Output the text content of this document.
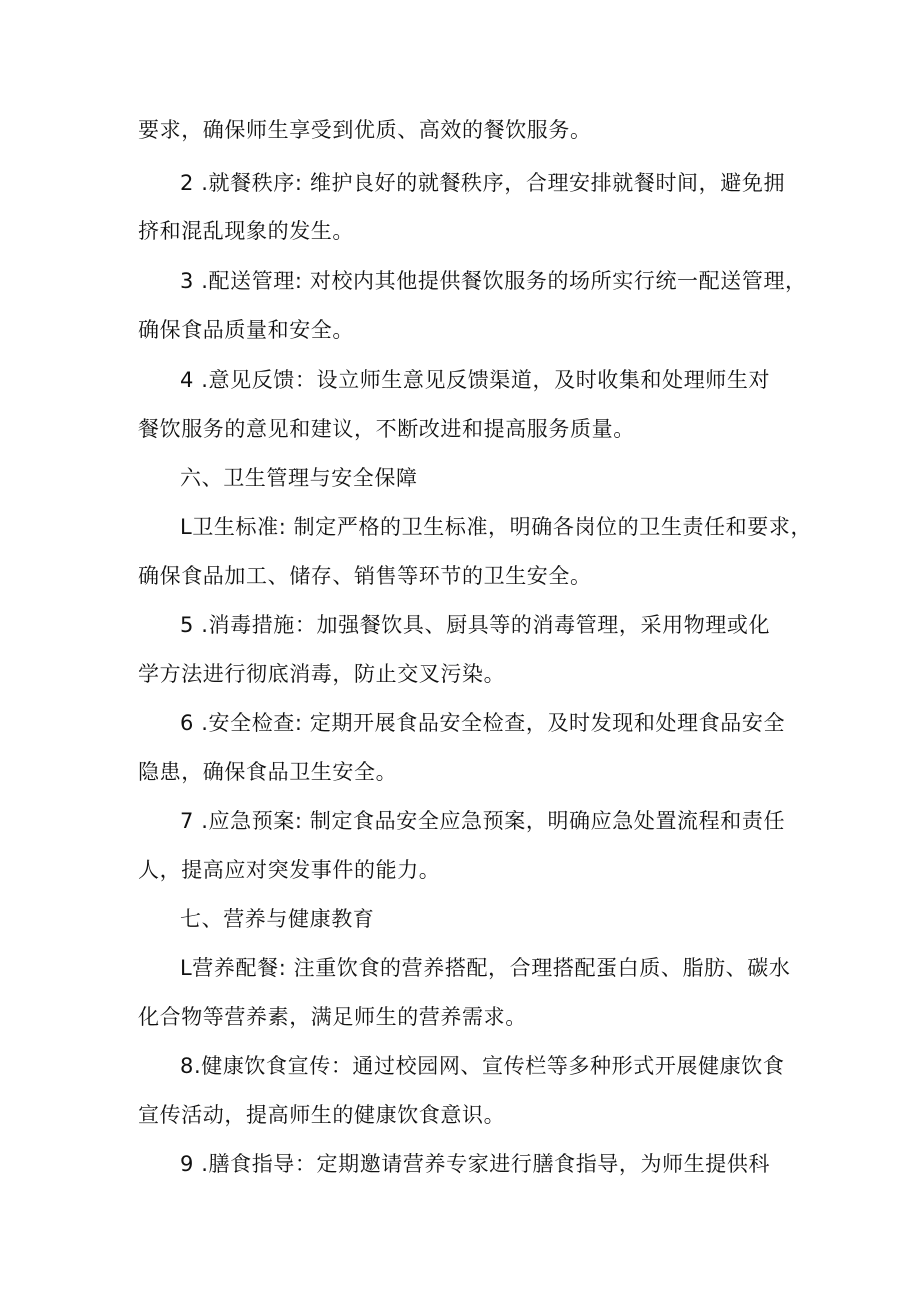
要求，确保师生享受到优质、高效的餐饮服务。
2 .就餐秩序: 维护良好的就餐秩序，合理安排就餐时间，避免拥
挤和混乱现象的发生。
3 .配送管理: 对校内其他提供餐饮服务的场所实行统一配送管理，
确保食品质量和安全。
4 .意见反馈：设立师生意见反馈渠道，及时收集和处理师生对
餐饮服务的意见和建议，不断改进和提高服务质量。
六、卫生管理与安全保障
L卫生标准: 制定严格的卫生标准，明确各岗位的卫生责任和要求，
确保食品加工、储存、销售等环节的卫生安全。
5 .消毒措施：加强餐饮具、厨具等的消毒管理，采用物理或化
学方法进行彻底消毒，防止交叉污染。
6 .安全检查: 定期开展食品安全检查，及时发现和处理食品安全
隐患，确保食品卫生安全。
7 .应急预案: 制定食品安全应急预案，明确应急处置流程和责任
人，提高应对突发事件的能力。
七、营养与健康教育
L营养配餐: 注重饮食的营养搭配，合理搭配蛋白质、脂肪、碳水
化合物等营养素，满足师生的营养需求。
8.健康饮食宣传：通过校园网、宣传栏等多种形式开展健康饮食
宣传活动，提高师生的健康饮食意识。
9 .膳食指导：定期邀请营养专家进行膳食指导，为师生提供科
